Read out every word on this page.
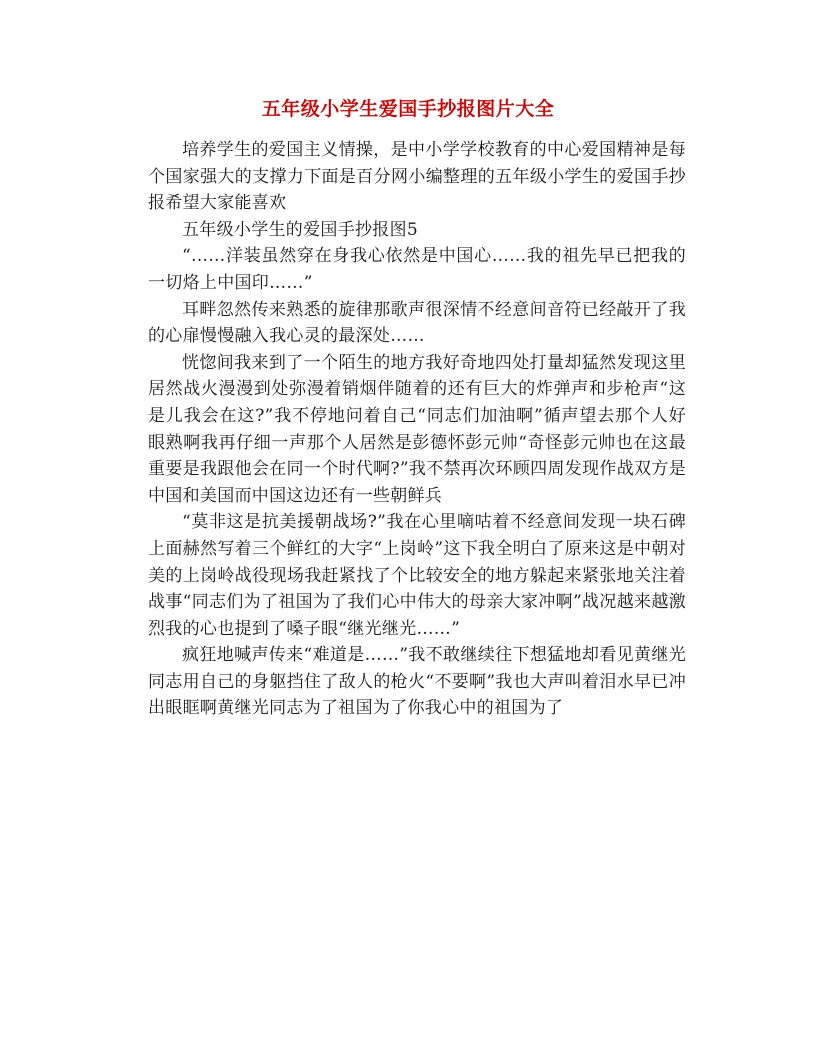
五年级小学生爱国手抄报图片大全

培养学生的爱国主义情操，是中小学学校教育的中心爱国精神是每个国家强大的支撑力下面是百分网小编整理的五年级小学生的爱国手抄报希望大家能喜欢

五年级小学生的爱国手抄报图5

“……洋装虽然穿在身我心依然是中国心……我的祖先早已把我的一切烙上中国印……”

耳畔忽然传来熟悉的旋律那歌声很深情不经意间音符已经敲开了我的心扉慢慢融入我心灵的最深处……

恍惚间我来到了一个陌生的地方我好奇地四处打量却猛然发现这里居然战火漫漫到处弥漫着销烟伴随着的还有巨大的炸弹声和步枪声“这是儿我会在这?”我不停地问着自己“同志们加油啊”循声望去那个人好眼熟啊我再仔细一声那个人居然是彭德怀彭元帅“奇怪彭元帅也在这最重要是我跟他会在同一个时代啊?”我不禁再次环顾四周发现作战双方是中国和美国而中国这边还有一些朝鲜兵

“莫非这是抗美援朝战场?”我在心里嘀咕着不经意间发现一块石碑上面赫然写着三个鲜红的大字“上岗岭”这下我全明白了原来这是中朝对美的上岗岭战役现场我赶紧找了个比较安全的地方躲起来紧张地关注着战事“同志们为了祖国为了我们心中伟大的母亲大家冲啊”战况越来越激烈我的心也提到了嗓子眼“继光继光……”

疯狂地喊声传来“难道是……”我不敢继续往下想猛地却看见黄继光同志用自己的身躯挡住了敌人的枪火“不要啊”我也大声叫着泪水早已冲出眼眶啊黄继光同志为了祖国为了你我心中的祖国为了
